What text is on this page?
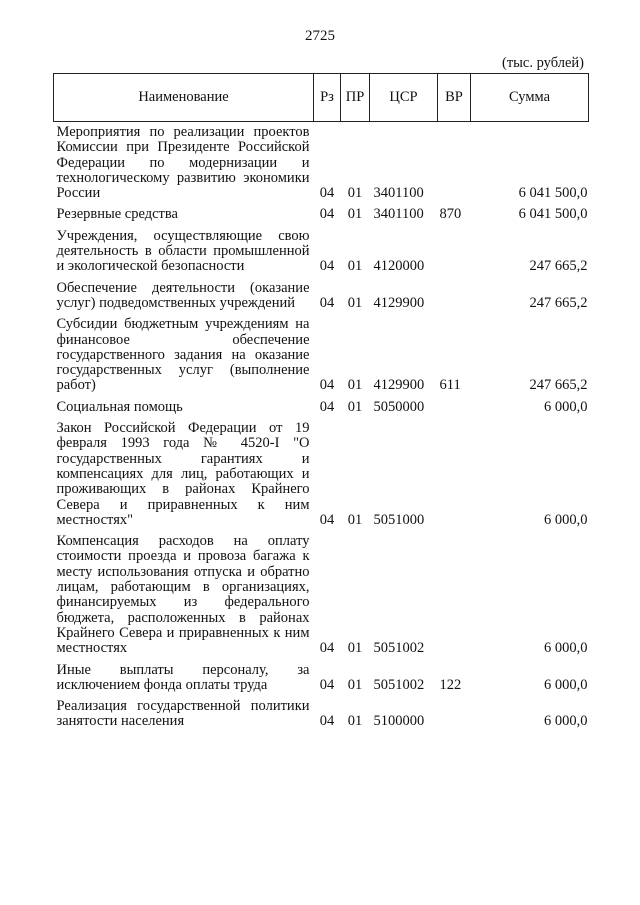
2725
(тыс. рублей)
Наименование	Рз	ПР	ЦСР	ВР	Сумма
Мероприятия по реализации проектов Комиссии при Президенте Российской Федерации по модернизации и технологическому развитию экономики России	04	01	3401100		6 041 500,0
Резервные средства	04	01	3401100	870	6 041 500,0
Учреждения, осуществляющие свою деятельность в области промышленной и экологической безопасности	04	01	4120000		247 665,2
Обеспечение деятельности (оказание услуг) подведомственных учреждений	04	01	4129900		247 665,2
Субсидии бюджетным учреждениям на финансовое обеспечение государственного задания на оказание государственных услуг (выполнение работ)	04	01	4129900	611	247 665,2
Социальная помощь	04	01	5050000		6 000,0
Закон Российской Федерации от 19 февраля 1993 года № 4520-I "О государственных гарантиях и компенсациях для лиц, работающих и проживающих в районах Крайнего Севера и приравненных к ним местностях"	04	01	5051000		6 000,0
Компенсация расходов на оплату стоимости проезда и провоза багажа к месту использования отпуска и обратно лицам, работающим в организациях, финансируемых из федерального бюджета, расположенных в районах Крайнего Севера и приравненных к ним местностях	04	01	5051002		6 000,0
Иные выплаты персоналу, за исключением фонда оплаты труда	04	01	5051002	122	6 000,0
Реализация государственной политики занятости населения	04	01	5100000		6 000,0
